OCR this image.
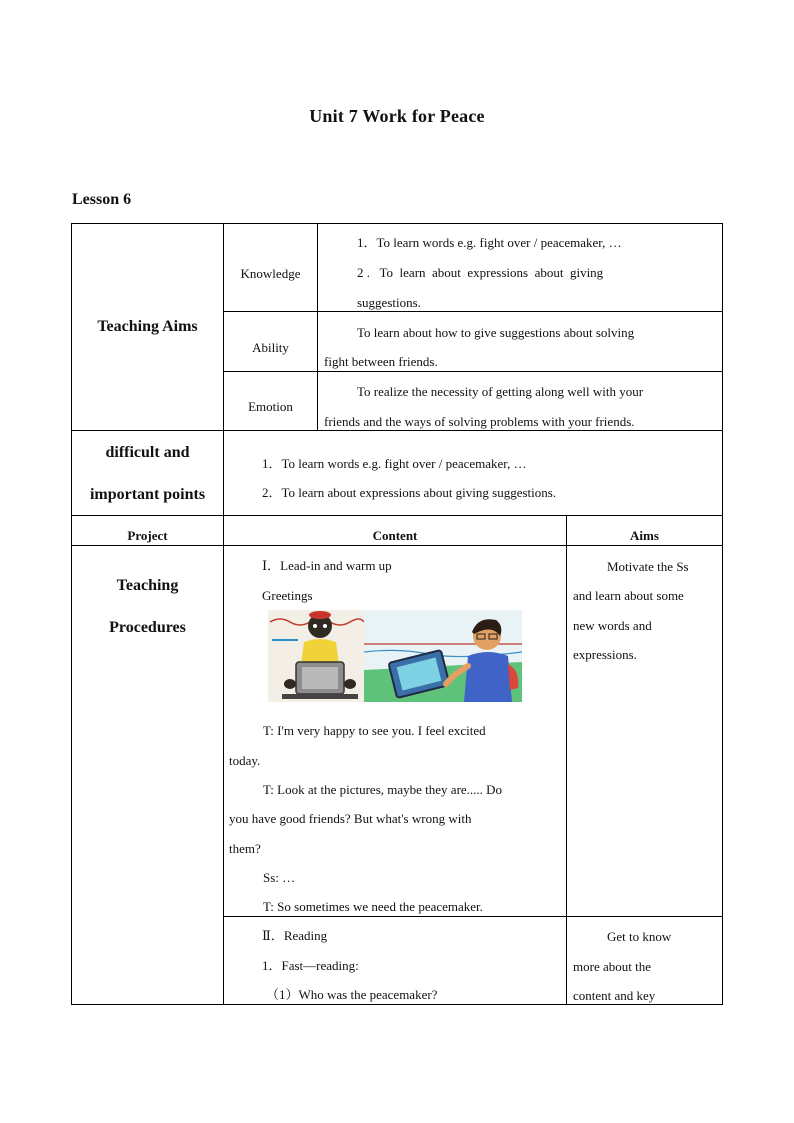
Unit 7 Work for Peace
Lesson 6
Teaching Aims
Knowledge
1．To learn words e.g. fight over / peacemaker, …
2 .   To  learn  about  expressions  about  giving
suggestions.
Ability
To learn about how to give suggestions about solving
fight between friends.
Emotion
To realize the necessity of getting along well with your
friends and the ways of solving problems with your friends.
difficult and
important points
1．To learn words e.g. fight over / peacemaker, …
2．To learn about expressions about giving suggestions.
Project	Content	Aims
Teaching
Procedures
Ⅰ．Lead-in and warm up
Greetings
T: I'm very happy to see you. I feel excited
today.
T: Look at the pictures, maybe they are..... Do
you have good friends? But what's wrong with
them?
Ss: …
T: So sometimes we need the peacemaker.
Motivate the Ss
and learn about some
new words and
expressions.
Ⅱ．Reading
1．Fast—reading:
（1）Who was the peacemaker?
Get to know
more about the
content and key
